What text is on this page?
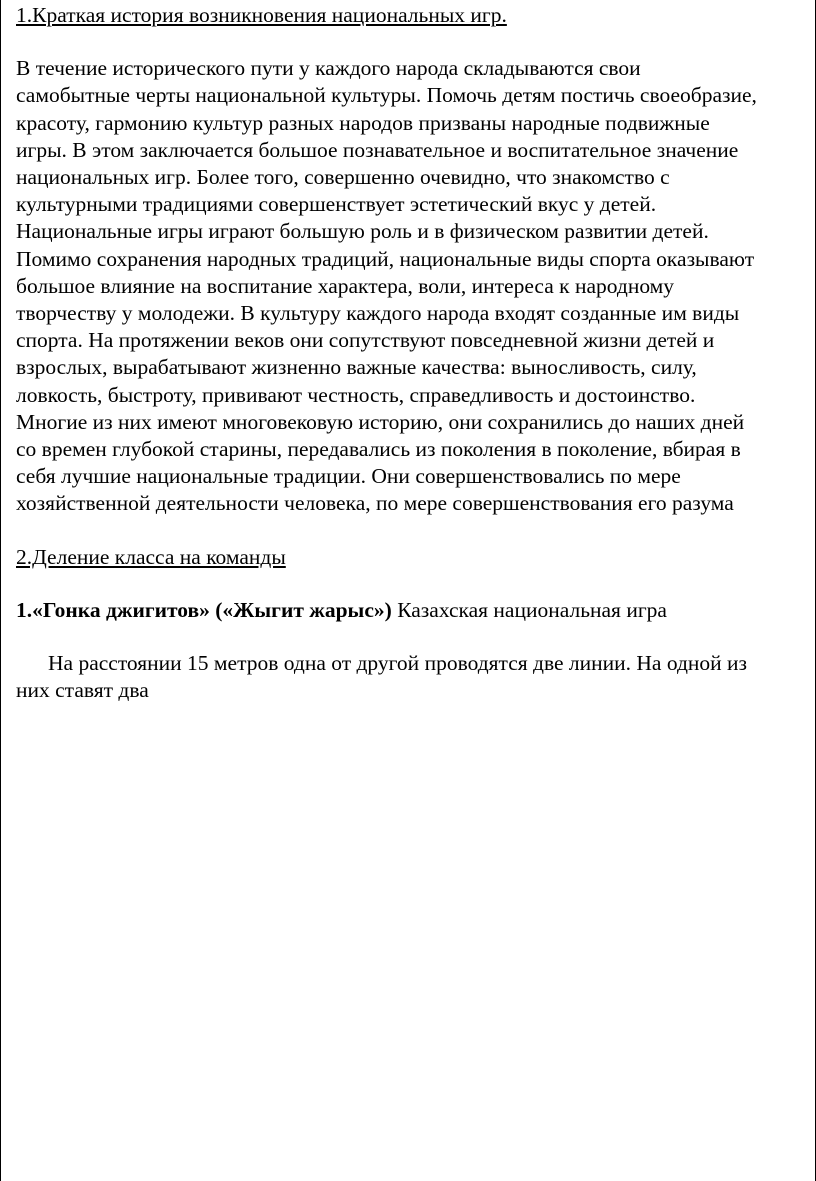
1.Краткая история возникновения национальных игр.

В течение исторического пути у каждого народа складываются свои
самобытные черты национальной культуры. Помочь детям постичь своеобразие,
красоту, гармонию культур разных народов призваны народные подвижные
игры. В этом заключается большое познавательное и воспитательное значение
национальных игр. Более того, совершенно очевидно, что знакомство с
культурными традициями совершенствует эстетический вкус у детей.
Национальные игры играют большую роль и в физическом развитии детей.
Помимо сохранения народных традиций, национальные виды спорта оказывают
большое влияние на воспитание характера, воли, интереса к народному
творчеству у молодежи. В культуру каждого народа входят созданные им виды
спорта. На протяжении веков они сопутствуют повседневной жизни детей и
взрослых, вырабатывают жизненно важные качества: выносливость, силу,
ловкость, быстроту, прививают честность, справедливость и достоинство.
Многие из них имеют многовековую историю, они сохранились до наших дней
со времен глубокой старины, передавались из поколения в поколение, вбирая в
себя лучшие национальные традиции. Они совершенствовались по мере
хозяйственной деятельности человека, по мере совершенствования его разума

2.Деление класса на команды

1.«Гонка джигитов» («Жыгит жарыс») Казахская национальная игра

На расстоянии 15 метров одна от другой проводятся две линии. На одной из
них ставят два
